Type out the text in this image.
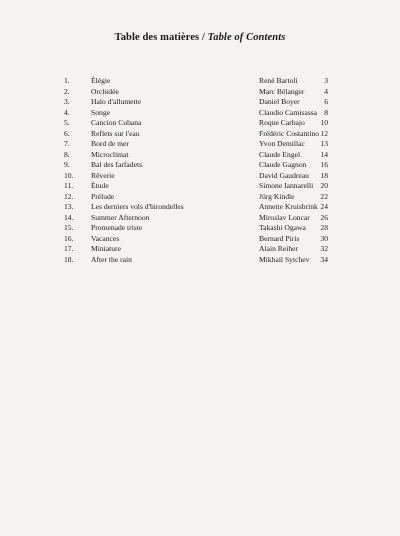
Table des matières / Table of Contents
1.	Élégie	René Bartoli	3
2.	Orchidée	Marc Bélanger	4
3.	Halo d'allumette	Daniel Boyer	6
4.	Songe	Claudio Camisassa 8
5.	Cancion Cubana	Roque Carbajo 10
6.	Reflets sur l'eau	Frédéric Costantino 12
7.	Bord de mer	Yvon Demillac 13
8.	Microclimat	Claude Engel	14
9.	Bal des farfadets	Claude Gagnon 16
10. Rêverie	David Gaudreau 18
11. Étude	Simone Iannarelli 20
12. Prélude	Jürg Kindle	22
13. Les derniers vols d'hirondelles	Annette Kruisbrink 24
14. Summer Afternoon	Miroslav Loncar 26
15. Promenade triste	Takashi Ogawa 28
16. Vacances	Bernard Piris	30
17. Miniature	Alain Reiher	32
18. After the rain	Mikhail Sytchev 34
